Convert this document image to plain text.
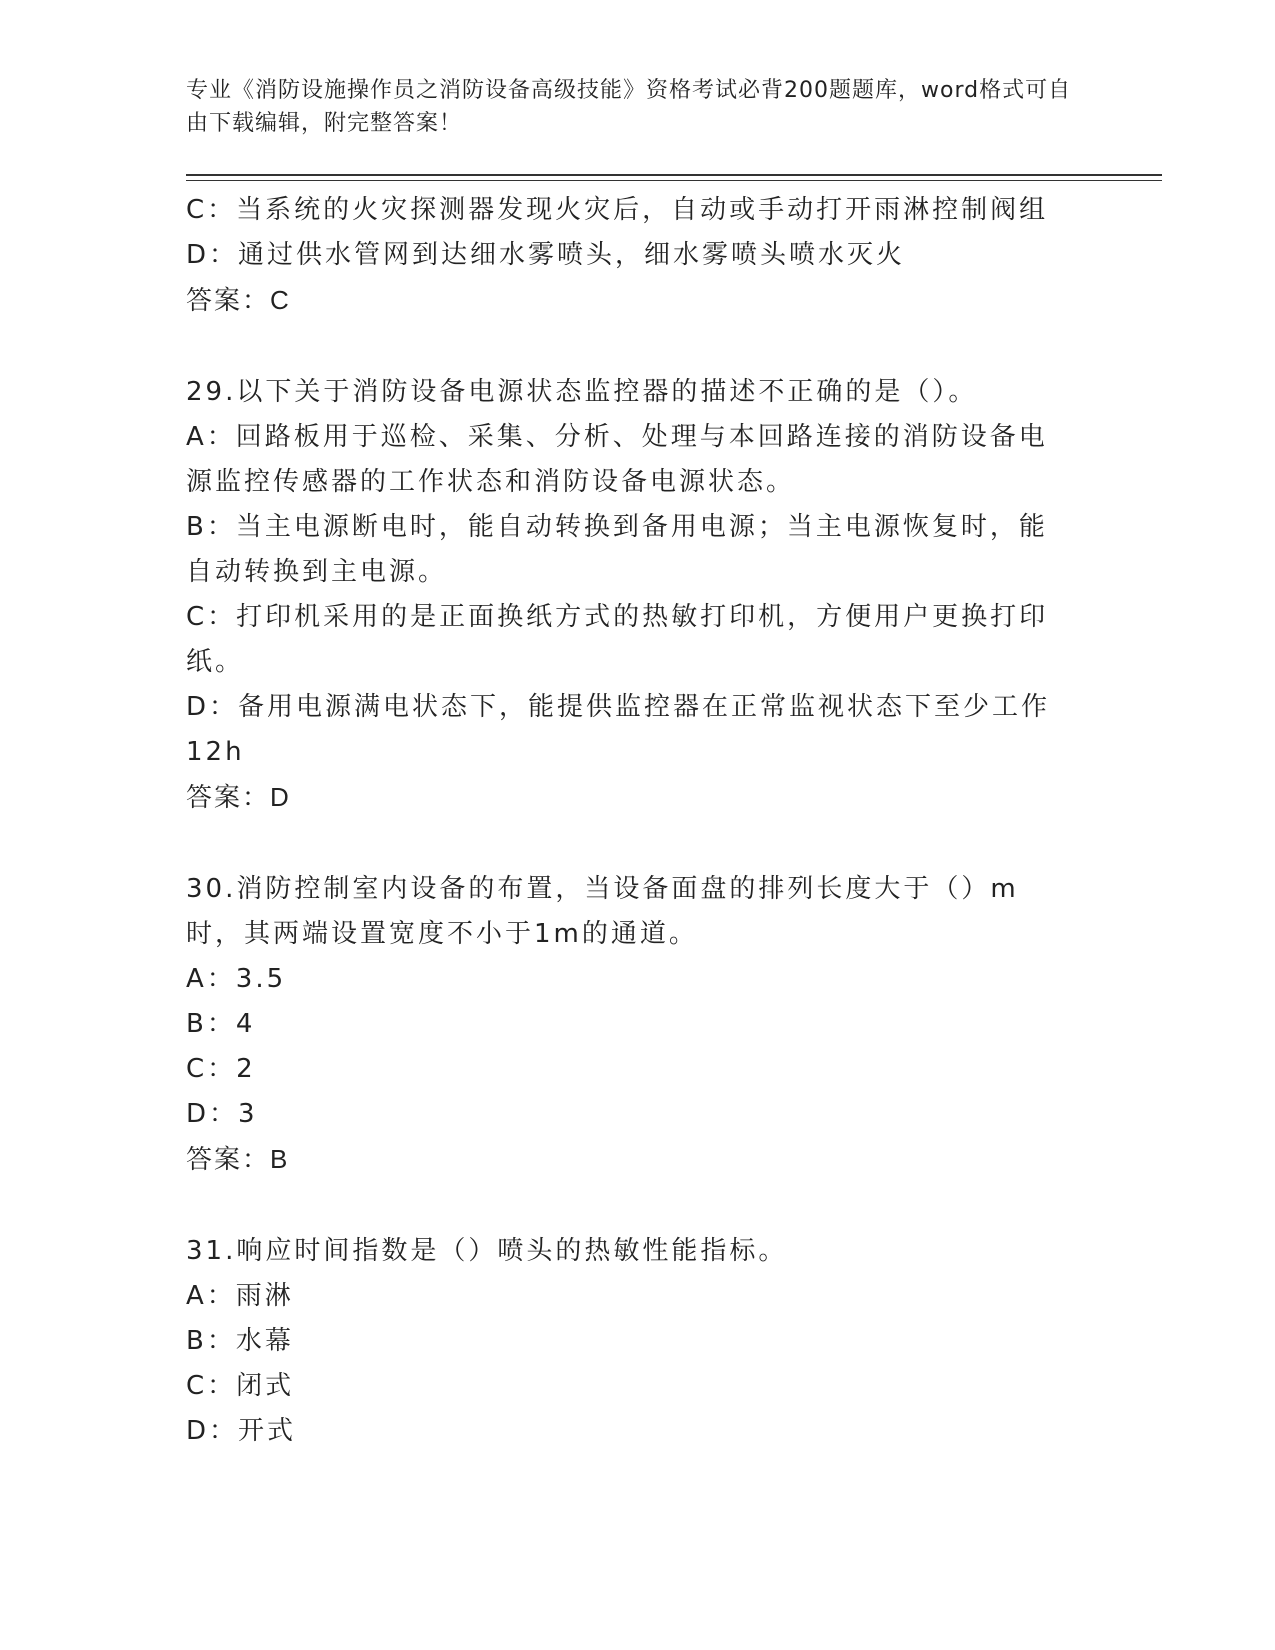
专业《消防设施操作员之消防设备高级技能》资格考试必背200题题库，word格式可自由下载编辑，附完整答案！

C：当系统的火灾探测器发现火灾后，自动或手动打开雨淋控制阀组

D：通过供水管网到达细水雾喷头，细水雾喷头喷水灭火

答案：C

29.以下关于消防设备电源状态监控器的描述不正确的是（）。

A：回路板用于巡检、采集、分析、处理与本回路连接的消防设备电源监控传感器的工作状态和消防设备电源状态。

B：当主电源断电时，能自动转换到备用电源；当主电源恢复时，能自动转换到主电源。

C：打印机采用的是正面换纸方式的热敏打印机，方便用户更换打印纸。

D：备用电源满电状态下，能提供监控器在正常监视状态下至少工作12h

答案：D

30.消防控制室内设备的布置，当设备面盘的排列长度大于（）m时，其两端设置宽度不小于1m的通道。

A：3.5

B：4

C：2

D：3

答案：B

31.响应时间指数是（）喷头的热敏性能指标。

A：雨淋

B：水幕

C：闭式

D：开式
